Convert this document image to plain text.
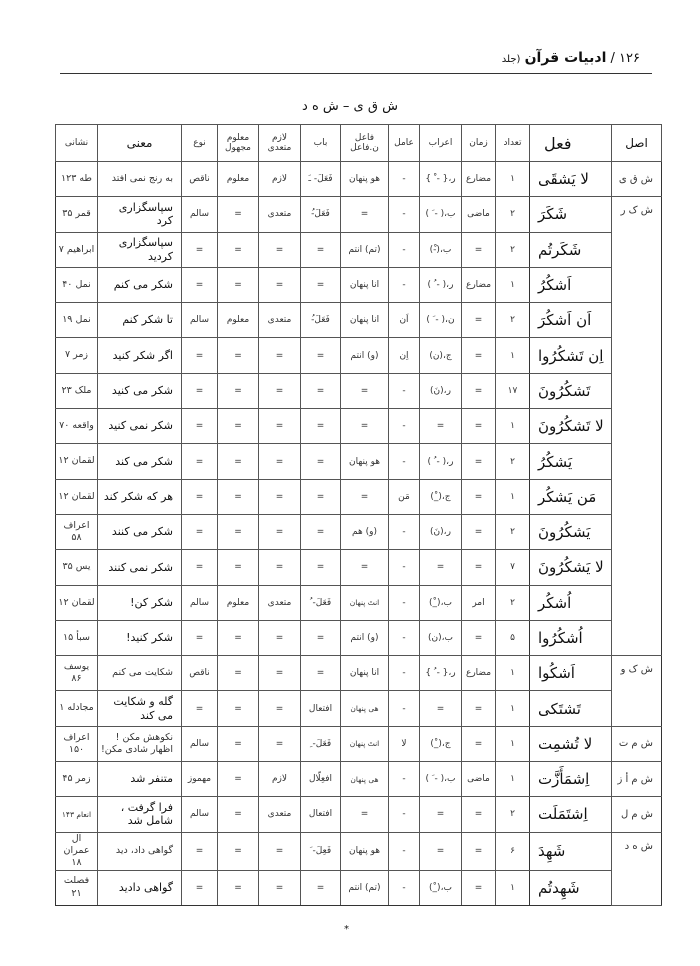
۱۲۶ / ادبیات قرآن (جلد
ش ق ی – ش ه د
اصل	فعل	تعداد	زمان	اعراب	عامل	فاعل ن.فاعل	باب	لازم متعدی	معلوم مجهول	نوع	معنی	نشانی
ش ق ی	لا یَشقَی	۱	مضارع	ر،{ - ْ }	-	هو پنهان	فَعَلَ- ـَ	لازم	معلوم	ناقص	به رنج نمی افتد	طه ۱۲۳
ش ک ر	شَکَرَ	۲	ماضی	ب،( - َ )	-	=	فَعَلَ-ُ	متعدی	=	سالم	سپاسگزاری کرد	قمر ۳۵
	شَکَرتُم	۲	=	ب،(-ْ)	-	(تم) انتم	=	=	=	=	سپاسگزاری کردید	ابراهیم ۷
	اَشکُرُ	۱	مضارع	ر،( - ُ )	-	انا پنهان	=	=	=	=	شکر می کنم	نمل ۴۰
	اَن اَشکُرَ	۲	=	ن،( - َ )	اَن	انا پنهان	فَعَلَ-ُ	متعدی	معلوم	سالم	تا شکر کنم	نمل ۱۹
	اِن تَشکُرُوا	۱	=	ج،(ن)	اِن	(و) انتم	=	=	=	=	اگر شکر کنید	زمر ۷
	تَشکُرُونَ	۱۷	=	ر،(نَ)	-	=	=	=	=	=	شکر می کنید	ملک ۲۳
	لا تَشکُرُونَ	۱	=	=	-	=	=	=	=	=	شکر نمی کنید	واقعه ۷۰
	یَشکُرُ	۲	=	ر،( - ُ )	-	هو پنهان	=	=	=	=	شکر می کند	لقمان ۱۲
	مَن یَشکُر	۱	=	ج،(_ْ)	مَن	=	=	=	=	=	هر که شکر کند	لقمان ۱۲
	یَشکُرُونَ	۲	=	ر،(نَ)	-	(و) هم	=	=	=	=	شکر می کنند	اعراف ۵۸
	لا یَشکُرُونَ	۷	=	=	-	=	=	=	=	=	شکر نمی کنند	یس ۳۵
	اُشکُر	۲	امر	ب،(_ْ)	-	انتَ پنهان	فَعَلَ- ُ	متعدی	معلوم	سالم	شکر کن!	لقمان ۱۲
	اُشکُرُوا	۵	=	ب،(ن)	-	(و) انتم	=	=	=	=	شکر کنید!	سبأ ۱۵
ش ک و	اَشکُوا	۱	مضارع	ر،{ - ُ }	-	انا پنهان	=	=	=	ناقص	شکایت می کنم	یوسف ۸۶
	تَشتَکی	۱	=	=	-	هی پنهان	افتعال	=	=	=	گله و شکایت می کند	مجادله ۱
ش م ت	لا تُشمِت	۱	=	ج،(_ْ)	لا	انتَ پنهان	فَعَلَ- ِ	=	=	سالم	نکوهش مکن ! اظهار شادی مکن!	اعراف ۱۵۰
ش م أ ز	اِشمَأَزَّت	۱	ماضی	ب،( - َ )	-	هی پنهان	افعِلّال	لازم	=	مهموز	متنفر شد	زمر ۴۵
ش م ل	اِشتَمَلَت	۲	=	=	-	=	افتعال	متعدی	=	سالم	فرا گرفت ، شامل شد	انعام ۱۴۳
ش ه د	شَهِدَ	۶	=	=	-	هو پنهان	فَعِلَ- َ	=	=	=	گواهی داد، دید	آل عمران ۱۸
	شَهِدتُم	۱	=	ب،(_ْ)	-	(تم) انتم	=	=	=	=	گواهی دادید	فصلت ۲۱
*
